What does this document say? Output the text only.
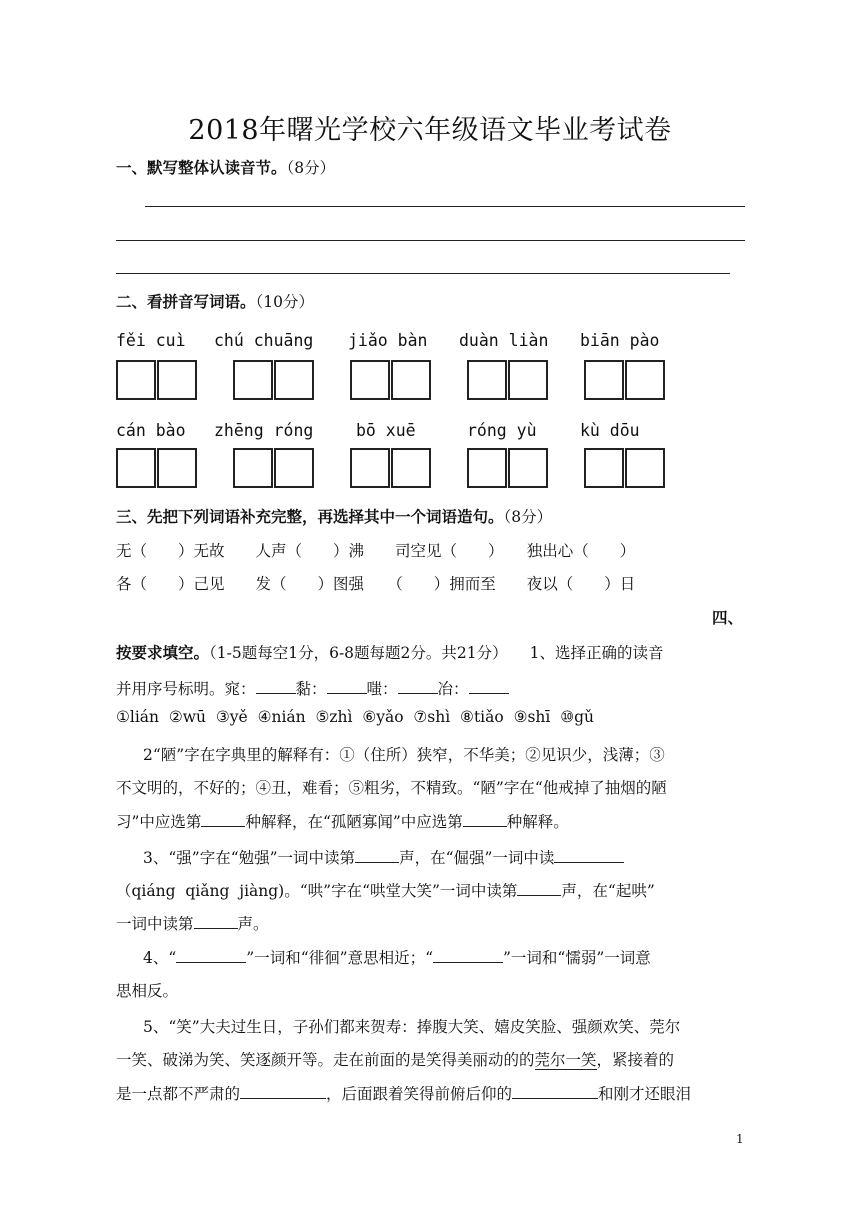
2018年曙光学校六年级语文毕业考试卷
一、默写整体认读音节。（8分）
二、看拼音写词语。（10分）
fěi cuì chú chuāng jiǎo bàn duàn liàn biān pào
cán bào zhēng róng	bō xuē	róng yù	kù dōu
三、先把下列词语补充完整，再选择其中一个词语造句。（8分）
无（　　）无故　　人声（　　）沸　　司空见（　　）　　独出心（　　）
各（　　）己见　　发（　　）图强　　（　　）拥而至　　夜以（　　）日
四、
按要求填空。（1-5题每空1分，6-8题每题2分。共21分） 1、选择正确的读音
并用序号标明。窕：	黏：	嗤：	冶：
①lián  ②wū  ③yě  ④nián  ⑤zhì  ⑥yǎo  ⑦shì  ⑧tiǎo  ⑨shī  ⑩gǔ
2“陋”字在字典里的解释有：①（住所）狭窄，不华美；②见识少，浅薄；③
不文明的，不好的；④丑，难看；⑤粗劣，不精致。“陋”字在“他戒掉了抽烟的陋
习”中应选第	种解释，在“孤陋寡闻”中应选第	种解释。
3、“强”字在“勉强”一词中读第	声，在“倔强”一词中读
（qiáng  qiǎng  jiàng)。“哄”字在“哄堂大笑”一词中读第	声，在“起哄”
一词中读第	声。
4、“	”一词和“徘徊”意思相近；“	”一词和“懦弱”一词意
思相反。
5、“笑”大夫过生日，子孙们都来贺寿：捧腹大笑、嬉皮笑脸、强颜欢笑、莞尔
一笑、破涕为笑、笑逐颜开等。走在前面的是笑得美丽动的的莞尔一笑，紧接着的
是一点都不严肃的	，后面跟着笑得前俯后仰的	和刚才还眼泪
1
